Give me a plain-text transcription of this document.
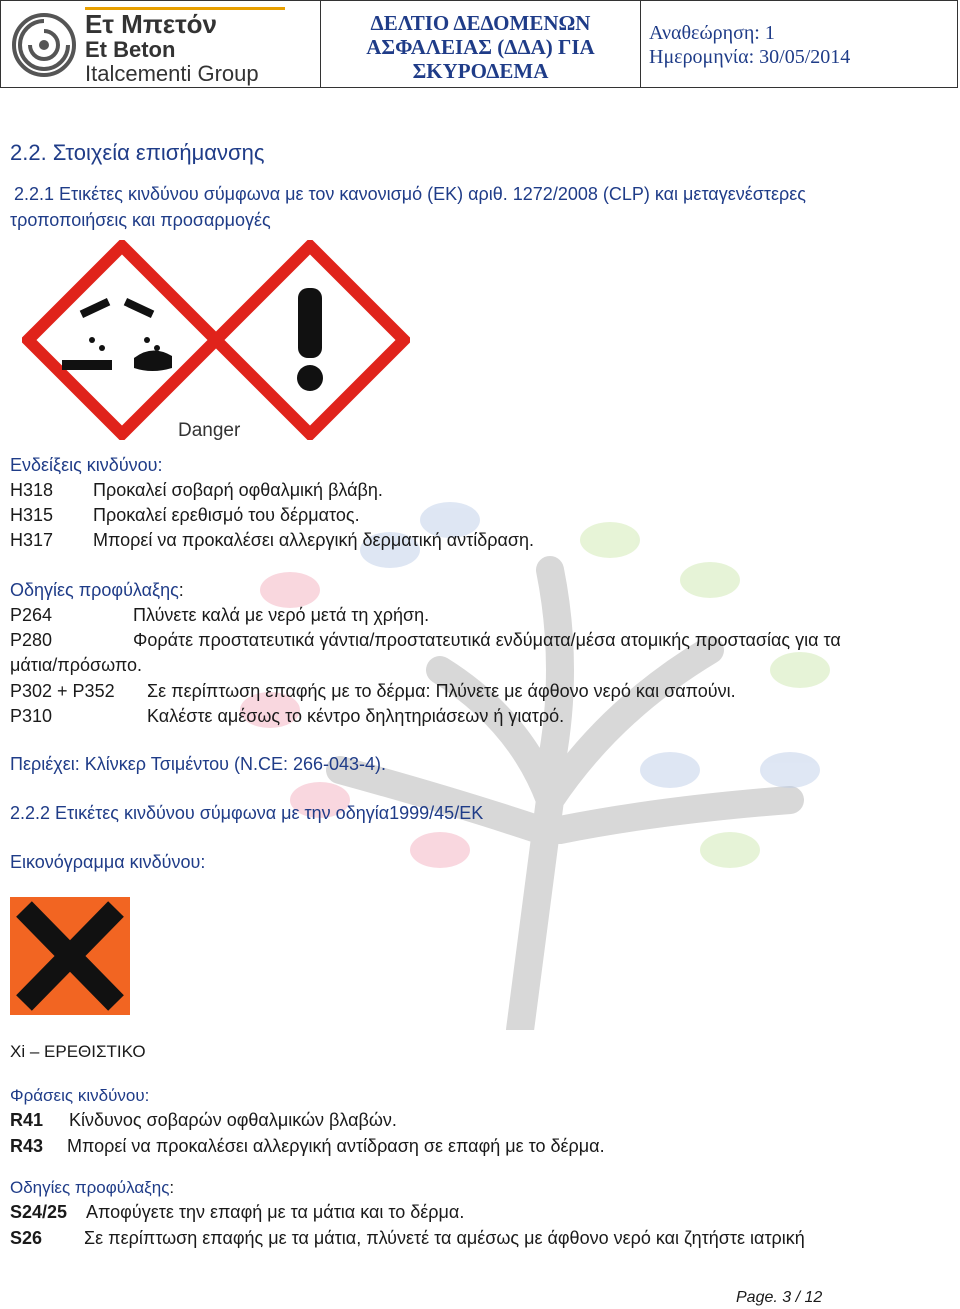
Ετ Μπετόν
Et Beton
Italcementi Group
ΔΕΛΤΙΟ ΔΕΔΟΜΕΝΩΝ
ΑΣΦΑΛΕΙΑΣ (ΔΔΑ) ΓΙΑ
ΣΚΥΡΟΔΕΜΑ
Αναθεώρηση: 1
Ημερομηνία: 30/05/2014
2.2. Στοιχεία επισήμανσης
2.2.1 Ετικέτες κινδύνου σύμφωνα με τον κανονισμό (ΕΚ) αριθ. 1272/2008 (CLP) και μεταγενέστερες
τροποποιήσεις και προσαρμογές
Danger
Ενδείξεις κινδύνου:
H318 Προκαλεί σοβαρή οφθαλμική βλάβη.
H315 Προκαλεί ερεθισμό του δέρματος.
H317 Μπορεί να προκαλέσει αλλεργική δερματική αντίδραση.
Οδηγίες προφύλαξης:
P264	Πλύνετε καλά με νερό μετά τη χρήση.
P280	Φοράτε προστατευτικά γάντια/προστατευτικά ενδύματα/μέσα ατομικής προστασίας για τα
μάτια/πρόσωπο.
P302 + P352 Σε περίπτωση επαφής με το δέρμα: Πλύνετε με άφθονο νερό και σαπούνι.
P310	Καλέστε αμέσως το κέντρο δηλητηριάσεων ή γιατρό.
Περιέχει: Κλίνκερ Τσιμέντου (Ν.CE: 266-043-4).
2.2.2 Ετικέτες κινδύνου σύμφωνα με την οδηγία1999/45/ΕΚ
Εικονόγραμμα κινδύνου:
Xi – ΕΡΕΘΙΣΤΙΚΟ
Φράσεις κινδύνου:
R41 Κίνδυνος σοβαρών οφθαλμικών βλαβών.
R43 Μπορεί να προκαλέσει αλλεργική αντίδραση σε επαφή με το δέρμα.
Οδηγίες προφύλαξης:
S24/25 Αποφύγετε την επαφή με τα μάτια και το δέρμα.
S26 Σε περίπτωση επαφής με τα μάτια, πλύνετέ τα αμέσως με άφθονο νερό και ζητήστε ιατρική
Page. 3 / 12
